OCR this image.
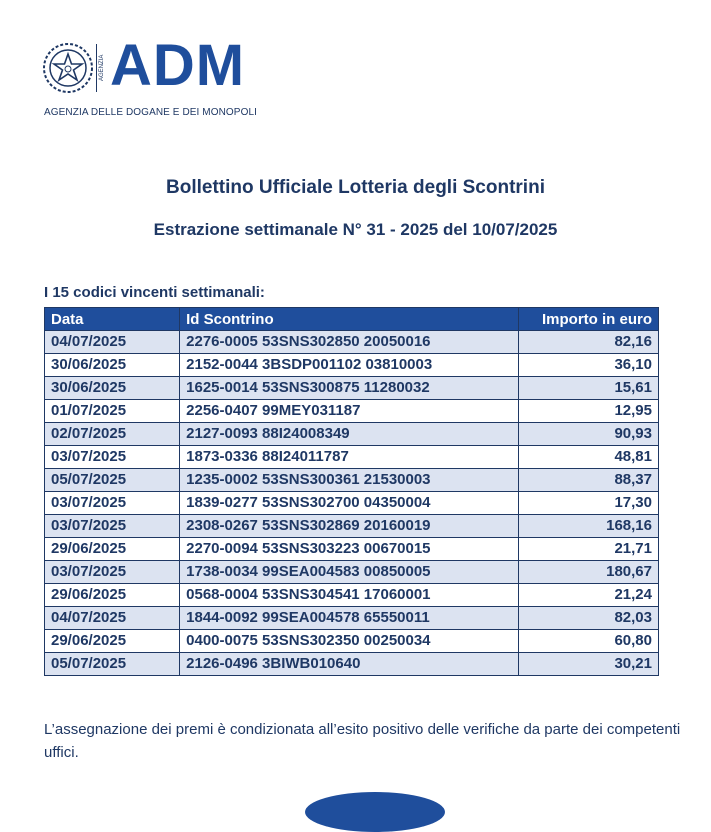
AGENZIA ADM
AGENZIA DELLE DOGANE E DEI MONOPOLI
Bollettino Ufficiale Lotteria degli Scontrini
Estrazione settimanale N° 31 - 2025 del 10/07/2025
I 15 codici vincenti settimanali:
Data	Id Scontrino	Importo in euro
04/07/2025	2276-0005 53SNS302850 20050016	82,16
30/06/2025	2152-0044 3BSDP001102 03810003	36,10
30/06/2025	1625-0014 53SNS300875 11280032	15,61
01/07/2025	2256-0407 99MEY031187	12,95
02/07/2025	2127-0093 88I24008349	90,93
03/07/2025	1873-0336 88I24011787	48,81
05/07/2025	1235-0002 53SNS300361 21530003	88,37
03/07/2025	1839-0277 53SNS302700 04350004	17,30
03/07/2025	2308-0267 53SNS302869 20160019	168,16
29/06/2025	2270-0094 53SNS303223 00670015	21,71
03/07/2025	1738-0034 99SEA004583 00850005	180,67
29/06/2025	0568-0004 53SNS304541 17060001	21,24
04/07/2025	1844-0092 99SEA004578 65550011	82,03
29/06/2025	0400-0075 53SNS302350 00250034	60,80
05/07/2025	2126-0496 3BIWB010640	30,21
L’assegnazione dei premi è condizionata all’esito positivo delle verifiche da parte dei competenti uffici.
